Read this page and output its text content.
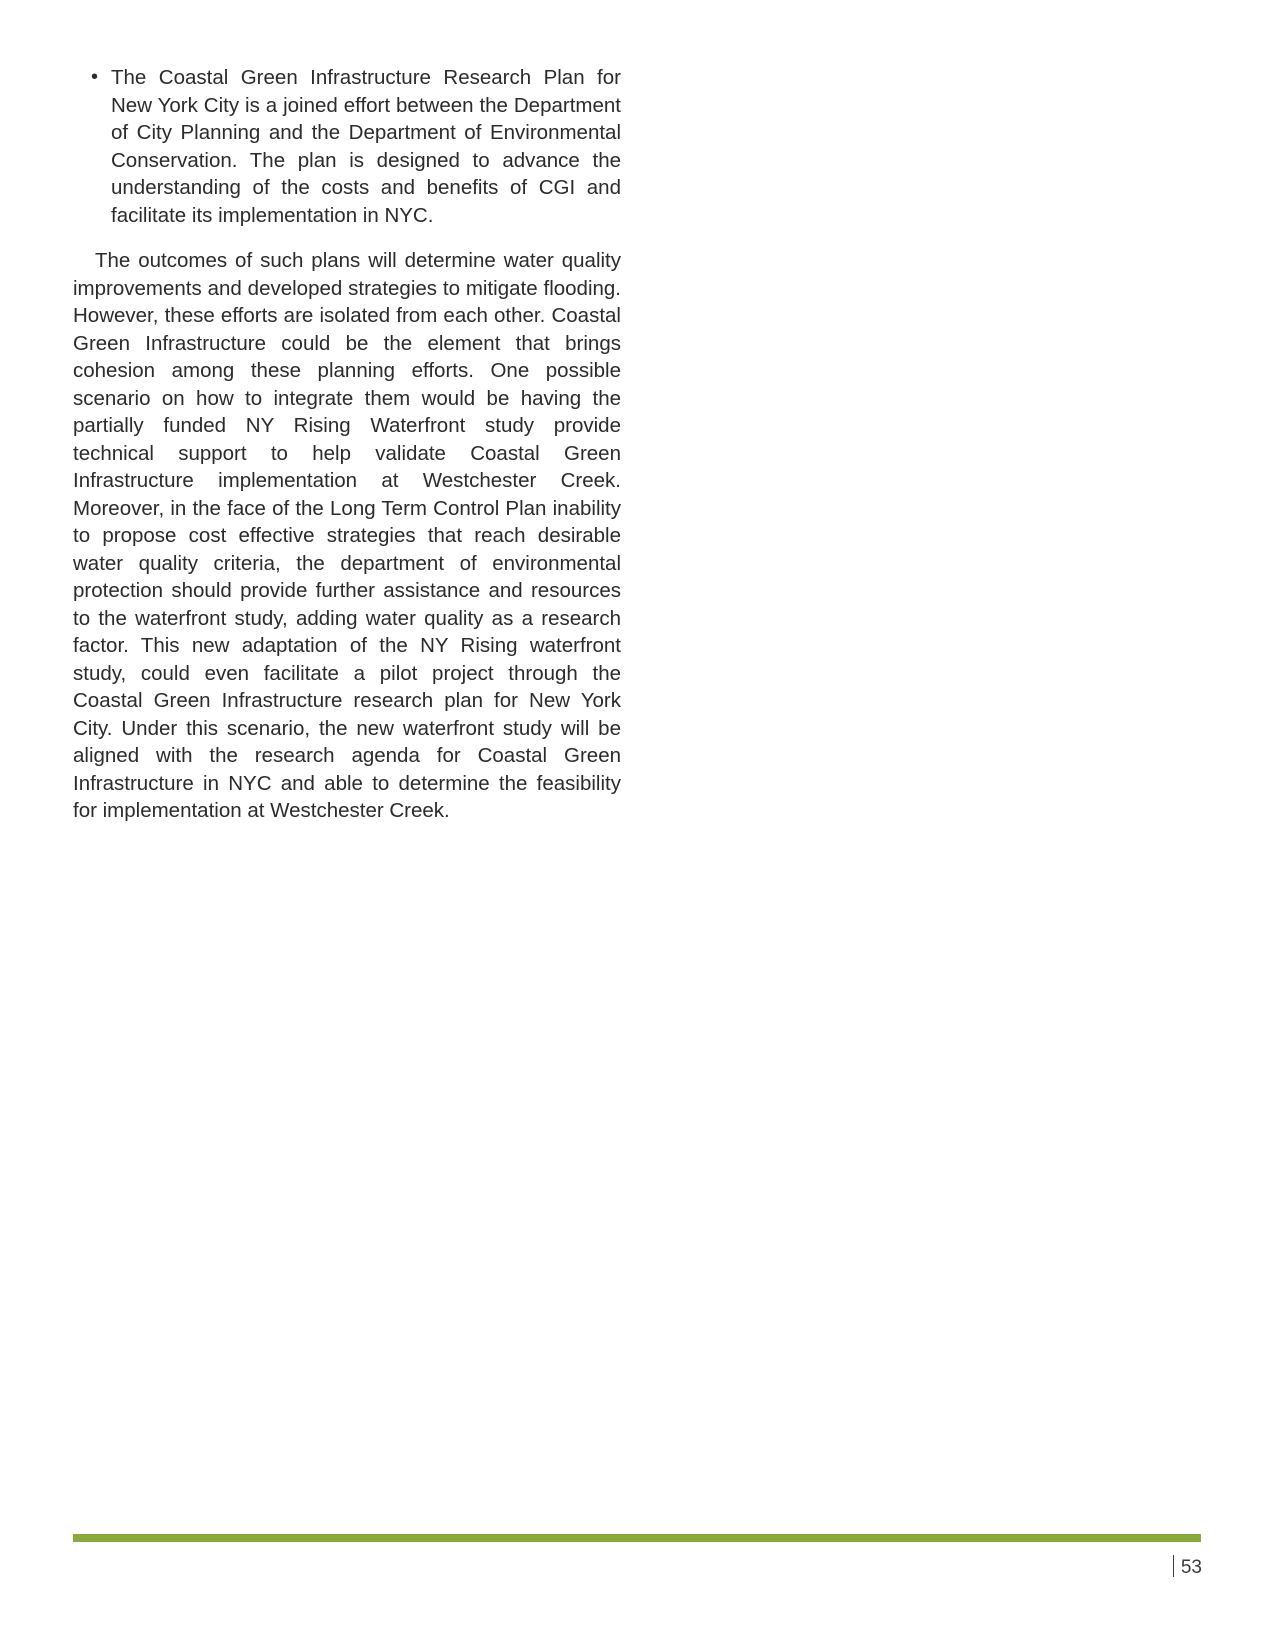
• The Coastal Green Infrastructure Research Plan for New York City is a joined effort between the Department of City Planning and the Department of Environmental Conservation. The plan is designed to advance the understanding of the costs and benefits of CGI and facilitate its implementation in NYC.

The outcomes of such plans will determine water quality improvements and developed strategies to mitigate flooding. However, these efforts are isolated from each other. Coastal Green Infrastructure could be the element that brings cohesion among these planning efforts. One possible scenario on how to integrate them would be having the partially funded NY Rising Waterfront study provide technical support to help validate Coastal Green Infrastructure implementation at Westchester Creek. Moreover, in the face of the Long Term Control Plan inability to propose cost effective strategies that reach desirable water quality criteria, the department of environmental protection should provide further assistance and resources to the waterfront study, adding water quality as a research factor. This new adaptation of the NY Rising waterfront study, could even facilitate a pilot project through the Coastal Green Infrastructure research plan for New York City. Under this scenario, the new waterfront study will be aligned with the research agenda for Coastal Green Infrastructure in NYC and able to determine the feasibility for implementation at Westchester Creek.

53
